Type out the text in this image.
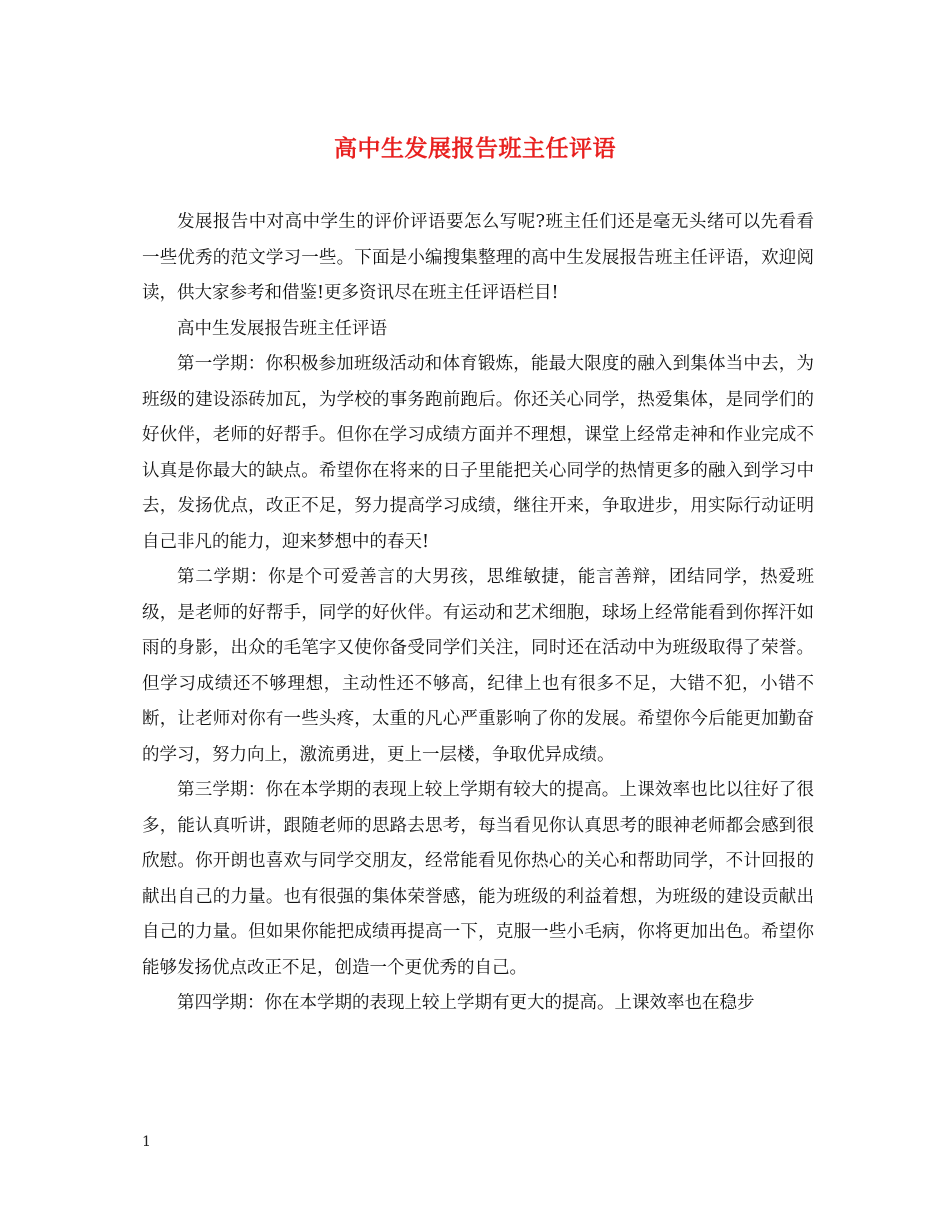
高中生发展报告班主任评语

发展报告中对高中学生的评价评语要怎么写呢?班主任们还是毫无头绪可以先看看一些优秀的范文学习一些。下面是小编搜集整理的高中生发展报告班主任评语，欢迎阅读，供大家参考和借鉴!更多资讯尽在班主任评语栏目!

高中生发展报告班主任评语

第一学期：你积极参加班级活动和体育锻炼，能最大限度的融入到集体当中去，为班级的建设添砖加瓦，为学校的事务跑前跑后。你还关心同学，热爱集体，是同学们的好伙伴，老师的好帮手。但你在学习成绩方面并不理想，课堂上经常走神和作业完成不认真是你最大的缺点。希望你在将来的日子里能把关心同学的热情更多的融入到学习中去，发扬优点，改正不足，努力提高学习成绩，继往开来，争取进步，用实际行动证明自己非凡的能力，迎来梦想中的春天!

第二学期：你是个可爱善言的大男孩，思维敏捷，能言善辩，团结同学，热爱班级，是老师的好帮手，同学的好伙伴。有运动和艺术细胞，球场上经常能看到你挥汗如雨的身影，出众的毛笔字又使你备受同学们关注，同时还在活动中为班级取得了荣誉。但学习成绩还不够理想，主动性还不够高，纪律上也有很多不足，大错不犯，小错不断，让老师对你有一些头疼，太重的凡心严重影响了你的发展。希望你今后能更加勤奋的学习，努力向上，激流勇进，更上一层楼，争取优异成绩。

第三学期：你在本学期的表现上较上学期有较大的提高。上课效率也比以往好了很多，能认真听讲，跟随老师的思路去思考，每当看见你认真思考的眼神老师都会感到很欣慰。你开朗也喜欢与同学交朋友，经常能看见你热心的关心和帮助同学，不计回报的献出自己的力量。也有很强的集体荣誉感，能为班级的利益着想，为班级的建设贡献出自己的力量。但如果你能把成绩再提高一下，克服一些小毛病，你将更加出色。希望你能够发扬优点改正不足，创造一个更优秀的自己。

第四学期：你在本学期的表现上较上学期有更大的提高。上课效率也在稳步

1
